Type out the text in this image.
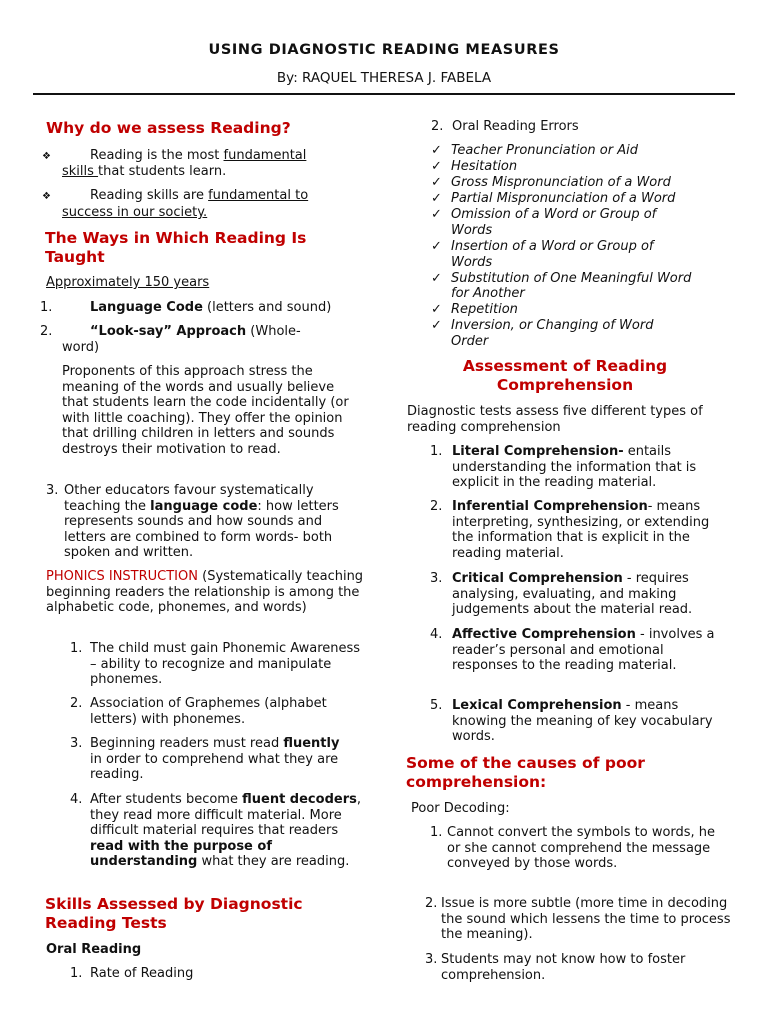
USING DIAGNOSTIC READING MEASURES
By: RAQUEL THERESA J. FABELA
Why do we assess Reading?
❖	Reading is the most fundamental
skills that students learn.
❖	Reading skills are fundamental to
success in our society.
The Ways in Which Reading Is Taught
Approximately 150 years
1.	Language Code (letters and sound)
2.	“Look-say” Approach (Whole-
word)
Proponents of this approach stress the meaning of the words and usually believe that students learn the code incidentally (or with little coaching). They offer the opinion that drilling children in letters and sounds destroys their motivation to read.
3. Other educators favour systematically teaching the language code: how letters represents sounds and how sounds and letters are combined to form words- both spoken and written.
PHONICS INSTRUCTION (Systematically teaching beginning readers the relationship is among the alphabetic code, phonemes, and words)
1. The child must gain Phonemic Awareness – ability to recognize and manipulate phonemes.
2. Association of Graphemes (alphabet letters) with phonemes.
3. Beginning readers must read fluently in order to comprehend what they are reading.
4. After students become fluent decoders, they read more difficult material. More difficult material requires that readers read with the purpose of understanding what they are reading.
Skills Assessed by Diagnostic Reading Tests
Oral Reading
1. Rate of Reading
2. Oral Reading Errors
✓ Teacher Pronunciation or Aid
✓ Hesitation
✓ Gross Mispronunciation of a Word
✓ Partial Mispronunciation of a Word
✓ Omission of a Word or Group of
Words
✓ Insertion of a Word or Group of
Words
✓ Substitution of One Meaningful Word
for Another
✓ Repetition
✓ Inversion, or Changing of Word
Order
Assessment of Reading
Comprehension
Diagnostic tests assess five different types of reading comprehension
1. Literal Comprehension- entails understanding the information that is explicit in the reading material.
2. Inferential Comprehension- means interpreting, synthesizing, or extending the information that is explicit in the reading material.
3. Critical Comprehension - requires analysing, evaluating, and making judgements about the material read.
4. Affective Comprehension - involves a reader’s personal and emotional responses to the reading material.
5. Lexical Comprehension - means knowing the meaning of key vocabulary words.
Some of the causes of poor comprehension:
Poor Decoding:
1. Cannot convert the symbols to words, he or she cannot comprehend the message conveyed by those words.
2. Issue is more subtle (more time in decoding the sound which lessens the time to process the meaning).
3. Students may not know how to foster comprehension.
